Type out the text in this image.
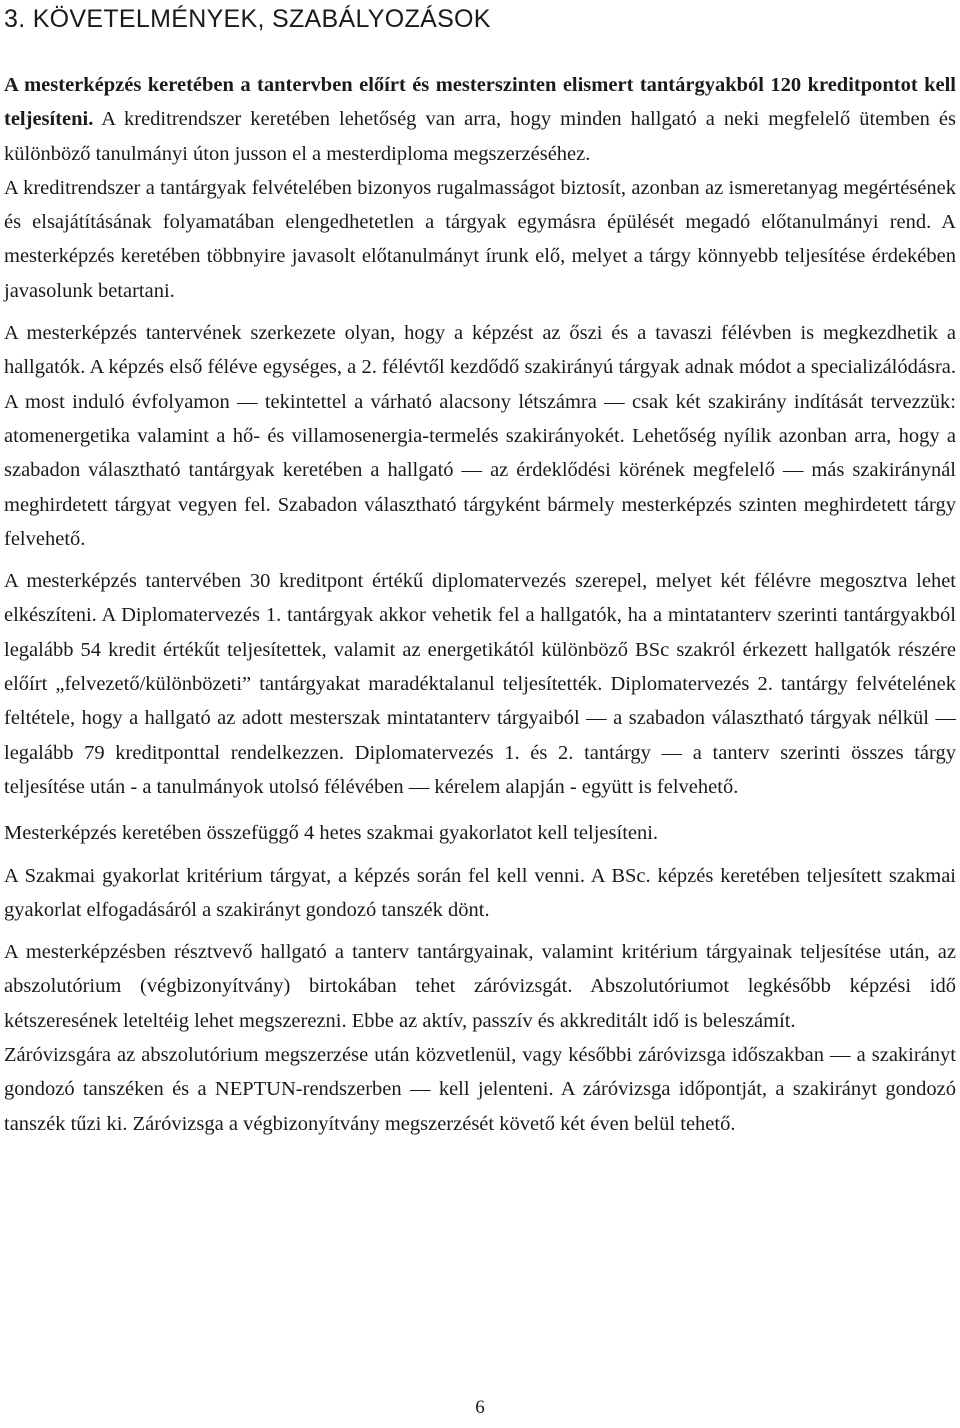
3. KÖVETELMÉNYEK, SZABÁLYOZÁSOK

A mesterképzés keretében a tantervben előírt és mesterszinten elismert tantárgyakból 120 kreditpontot kell teljesíteni. A kreditrendszer keretében lehetőség van arra, hogy minden hallgató a neki megfelelő ütemben és különböző tanulmányi úton jusson el a mesterdiploma megszerzéséhez.

A kreditrendszer a tantárgyak felvételében bizonyos rugalmasságot biztosít, azonban az ismeretanyag megértésének és elsajátításának folyamatában elengedhetetlen a tárgyak egymásra épülését megadó előtanulmányi rend. A mesterképzés keretében többnyire javasolt előtanulmányt írunk elő, melyet a tárgy könnyebb teljesítése érdekében javasolunk betartani.

A mesterképzés tantervének szerkezete olyan, hogy a képzést az őszi és a tavaszi félévben is megkezdhetik a hallgatók. A képzés első féléve egységes, a 2. félévtől kezdődő szakirányú tárgyak adnak módot a specializálódásra. A most induló évfolyamon — tekintettel a várható alacsony létszámra — csak két szakirány indítását tervezzük: atomenergetika valamint a hő- és villamosenergia-termelés szakirányokét. Lehetőség nyílik azonban arra, hogy a szabadon választható tantárgyak keretében a hallgató — az érdeklődési körének megfelelő — más szakiránynál meghirdetett tárgyat vegyen fel. Szabadon választható tárgyként bármely mesterképzés szinten meghirdetett tárgy felvehető.

A mesterképzés tantervében 30 kreditpont értékű diplomatervezés szerepel, melyet két félévre megosztva lehet elkészíteni. A Diplomatervezés 1. tantárgyak akkor vehetik fel a hallgatók, ha a mintatanterv szerinti tantárgyakból legalább 54 kredit értékűt teljesítettek, valamit az energetikától különböző BSc szakról érkezett hallgatók részére előírt „felvezető/különbözeti” tantárgyakat maradéktalanul teljesítették. Diplomatervezés 2. tantárgy felvételének feltétele, hogy a hallgató az adott mesterszak mintatanterv tárgyaiból — a szabadon választható tárgyak nélkül — legalább 79 kreditponttal rendelkezzen. Diplomatervezés 1. és 2. tantárgy — a tanterv szerinti összes tárgy teljesítése után - a tanulmányok utolsó félévében — kérelem alapján - együtt is felvehető.

Mesterképzés keretében összefüggő 4 hetes szakmai gyakorlatot kell teljesíteni.

A Szakmai gyakorlat kritérium tárgyat, a képzés során fel kell venni. A BSc. képzés keretében teljesített szakmai gyakorlat elfogadásáról a szakirányt gondozó tanszék dönt.

A mesterképzésben résztvevő hallgató a tanterv tantárgyainak, valamint kritérium tárgyainak teljesítése után, az abszolutórium (végbizonyítvány) birtokában tehet záróvizsgát. Abszolutóriumot legkésőbb képzési idő kétszeresének leteltéig lehet megszerezni. Ebbe az aktív, passzív és akkreditált idő is beleszámít.

Záróvizsgára az abszolutórium megszerzése után közvetlenül, vagy későbbi záróvizsga időszakban — a szakirányt gondozó tanszéken és a NEPTUN-rendszerben — kell jelenteni. A záróvizsga időpontját, a szakirányt gondozó tanszék tűzi ki. Záróvizsga a végbizonyítvány megszerzését követő két éven belül tehető.

6
